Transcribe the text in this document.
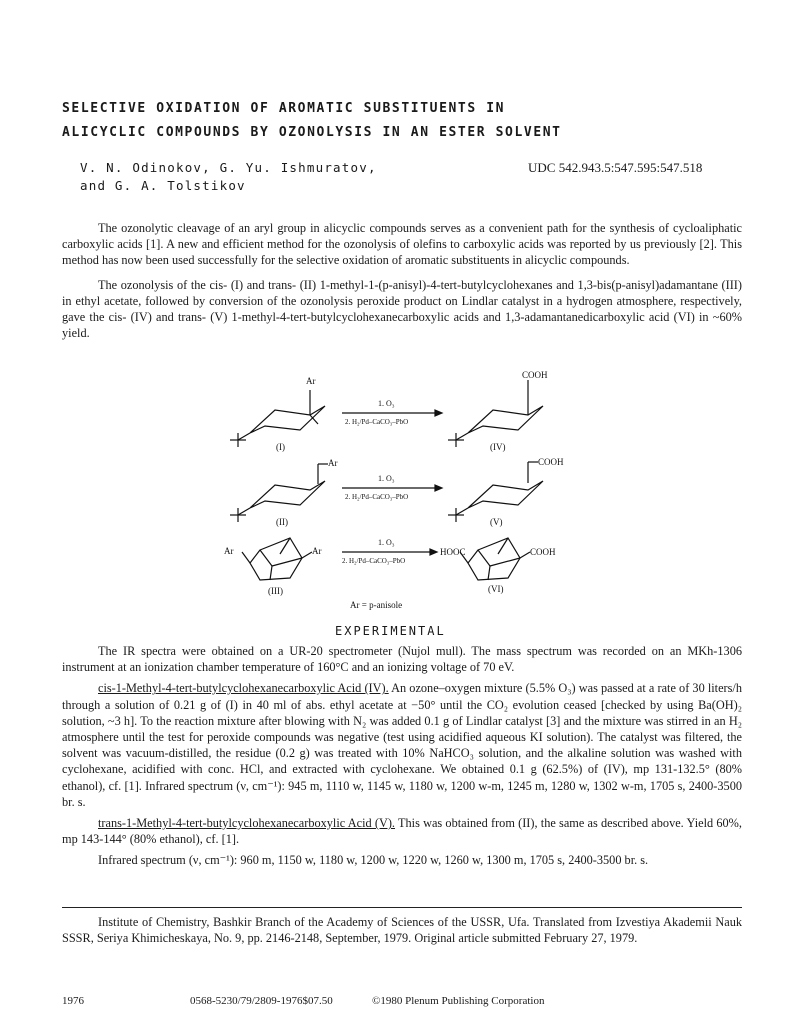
SELECTIVE OXIDATION OF AROMATIC SUBSTITUENTS IN
ALICYCLIC COMPOUNDS BY OZONOLYSIS IN AN ESTER SOLVENT
V. N. Odinokov, G. Yu. Ishmuratov,
and G. A. Tolstikov
UDC 542.943.5:547.595:547.518

The ozonolytic cleavage of an aryl group in alicyclic compounds serves as a convenient path for the synthesis of cycloaliphatic carboxylic acids [1]. A new and efficient method for the ozonolysis of olefins to carboxylic acids was reported by us previously [2]. This method has now been used successfully for the selective oxidation of aromatic substituents in alicyclic compounds.

The ozonolysis of the cis- (I) and trans- (II) 1-methyl-1-(p-anisyl)-4-tert-butylcyclohexanes and 1,3-bis(p-anisyl)adamantane (III) in ethyl acetate, followed by conversion of the ozonolysis peroxide product on Lindlar catalyst in a hydrogen atmosphere, respectively, gave the cis- (IV) and trans- (V) 1-methyl-4-tert-butylcyclohexanecarboxylic acids and 1,3-adamantanedicarboxylic acid (VI) in ~60% yield.

Ar
(I)
1. O₃
2. H₂/Pd–CaCO₃–PbO
COOH
(IV)
Ar
(II)
1. O₃
2. H₂/Pd–CaCO₃–PbO
COOH
(V)
Ar	Ar
(III)
1. O₃
2. H₂/Pd–CaCO₃–PbO
HOOC	COOH
(VI)
Ar = p-anisole
EXPERIMENTAL

The IR spectra were obtained on a UR-20 spectrometer (Nujol mull). The mass spectrum was recorded on an MKh-1306 instrument at an ionization chamber temperature of 160°C and an ionizing voltage of 70 eV.

cis-1-Methyl-4-tert-butylcyclohexanecarboxylic Acid (IV). An ozone–oxygen mixture (5.5% O₃) was passed at a rate of 30 liters/h through a solution of 0.21 g of (I) in 40 ml of abs. ethyl acetate at −50° until the CO₂ evolution ceased [checked by using Ba(OH)₂ solution, ~3 h]. To the reaction mixture after blowing with N₂ was added 0.1 g of Lindlar catalyst [3] and the mixture was stirred in an H₂ atmosphere until the test for peroxide compounds was negative (test using acidified aqueous KI solution). The catalyst was filtered, the solvent was vacuum-distilled, the residue (0.2 g) was treated with 10% NaHCO₃ solution, and the alkaline solution was washed with cyclohexane, acidified with conc. HCl, and extracted with cyclohexane. We obtained 0.1 g (62.5%) of (IV), mp 131-132.5° (80% ethanol), cf. [1]. Infrared spectrum (ν, cm⁻¹): 945 m, 1110 w, 1145 w, 1180 w, 1200 w-m, 1245 m, 1280 w, 1302 w-m, 1705 s, 2400-3500 br. s.

trans-1-Methyl-4-tert-butylcyclohexanecarboxylic Acid (V). This was obtained from (II), the same as described above. Yield 60%, mp 143-144° (80% ethanol), cf. [1].

Infrared spectrum (ν, cm⁻¹): 960 m, 1150 w, 1180 w, 1200 w, 1220 w, 1260 w, 1300 m, 1705 s, 2400-3500 br. s.

Institute of Chemistry, Bashkir Branch of the Academy of Sciences of the USSR, Ufa. Translated from Izvestiya Akademii Nauk SSSR, Seriya Khimicheskaya, No. 9, pp. 2146-2148, September, 1979. Original article submitted February 27, 1979.

1976	0568-5230/79/2809-1976$07.50	©1980 Plenum Publishing Corporation
